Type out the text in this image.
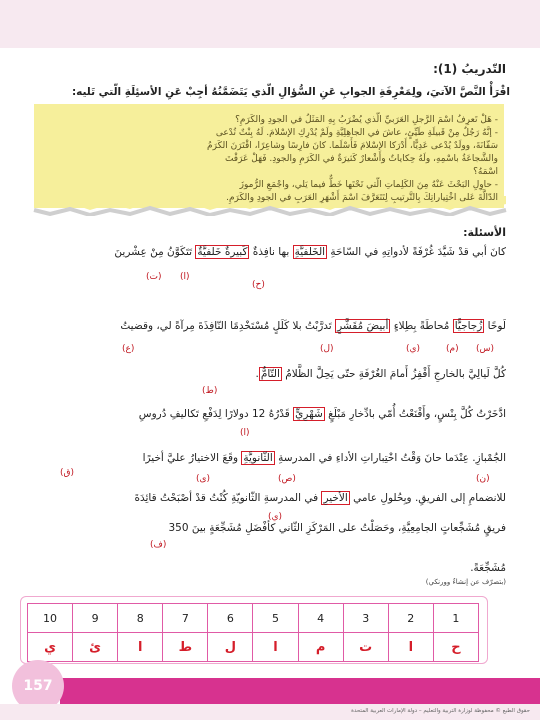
التّدريبُ (1):
اقْرَأْ النَّصَّ الآتيَ، ولِمَعْرِفَةِ الجوابِ عَنِ السُّؤالِ الّذي يَتَضَمَّنُهُ أجِبْ عَنِ الأسئِلَةِ الّتي تَليه:
- هَلْ تَعرِفُ اسْمَ الرَّجلِ العَرَبيِّ الّذي يُضْرَبُ بِهِ المَثَلُ في الجودِ والكَرَمِ؟
- إنَّهُ رَجُلٌ مِنْ قَبيلَةِ طَيِّئٍ، عاشَ في الجاهِلِيَّةِ ولَمْ يُدْرِكِ الإسْلامَ. لَهُ بِنْتٌ تُدْعى
سَفّانَةَ، وولَدٌ يُدْعى عَدِيًّا، أَدْرَكا الإسْلامَ فَأَسْلَما. كانَ فارِسًا وشاعِرًا، اقْتَرَنَ الكَرَمُ
والشَّجاعَةُ باسْمِهِ، ولَهُ حِكاياتٌ وأَشْعارٌ كَثيرَةٌ في الكَرَمِ والجودِ. فَهَلْ عَرَفْتَ
اسْمَهُ؟
- حاوِلِ البَحْثَ عَنْهُ مِنَ الكَلِماتِ الّتي تَحْتَها خَطٌّ فيما يَلي، واجْمَعِ الرُّموزَ
الدّالَّةَ عَلى اخْتِياراتِكَ بِالتَّرتيبِ لِتَتَعَرَّفَ اسْمَ أَشْهَرِ العَرَبِ في الجودِ والكَرَمِ.
الأسئلة:
كانَ أبي قدْ شَيَّدَ غُرْفَةً لأدواتِهِ في السّاحَةِ الخَلفيَّةِ بها نافِذةٌ كَبيرةٌ خَلفيَّةٌ تَتَكَوَّنُ مِنْ عِشْرينَ
(ت) (ا)
(ح)
لَوحًا زُجاجيًّا مُحاطَةً بِطِلاءٍ أبيضَ مُقَشَّرٍ تَدرَّبْتُ بلا كَلَلٍ مُسْتَخْدِمًا النّافِذَةَ مِرآةً لي، وقضيتُ
(س)
(م)
(ي)
(ل)
(ع)
كُلَّ لَيالِيَّ بالخارجِ أَقْفِزُ أَمامَ الغُرْفَةِ حتّى يَحِلَّ الظَّلامُ التّامُّ.
(ط)
ادَّخَرْتُ كُلَّ بِنْسٍ، وأَقْنَعْتُ أُمّي بادِّخارِ مَبْلَغٍ شَهْرِيٍّ قَدْرُهُ 12 دولارًا لِدَفْعِ تَكاليفِ دُروسِ
(ا)
الجُمْبازِ. عِنْدَما حانَ وَقْتُ اخْتِباراتِ الأداءِ في المدرسةِ الثّانويَّةِ وقَعَ الاختيارُ عليَّ أخيرًا
(ن)
(ص)
(ى)
(ق)
للانضمامِ إلى الفريقِ. وبِحُلولِ عامي الأخيرِ في المدرسةِ الثّانويّةِ كُنْتُ قدْ أصْبَحْتُ قائِدَةَ
(ي)
فريقٍ مُشَجِّعاتٍ الجامِعِيَّةِ، وحَصَلْتُ على المَرْكَزِ الثّاني كأفْضَلِ مُشَجِّعَةٍ بينَ 350
(ف)
مُشَجِّعَةً.
(بتصرّف عن إنشاءٌ وورنكي)
10	9	8	7	6	5	4	3	2	1
ي	ئ	ا	ط	ل	ا	م	ت	ا	ح
157
حقوق الطبع © محفوظة لوزارة التربية والتعليم – دولة الإمارات العربية المتحدة
